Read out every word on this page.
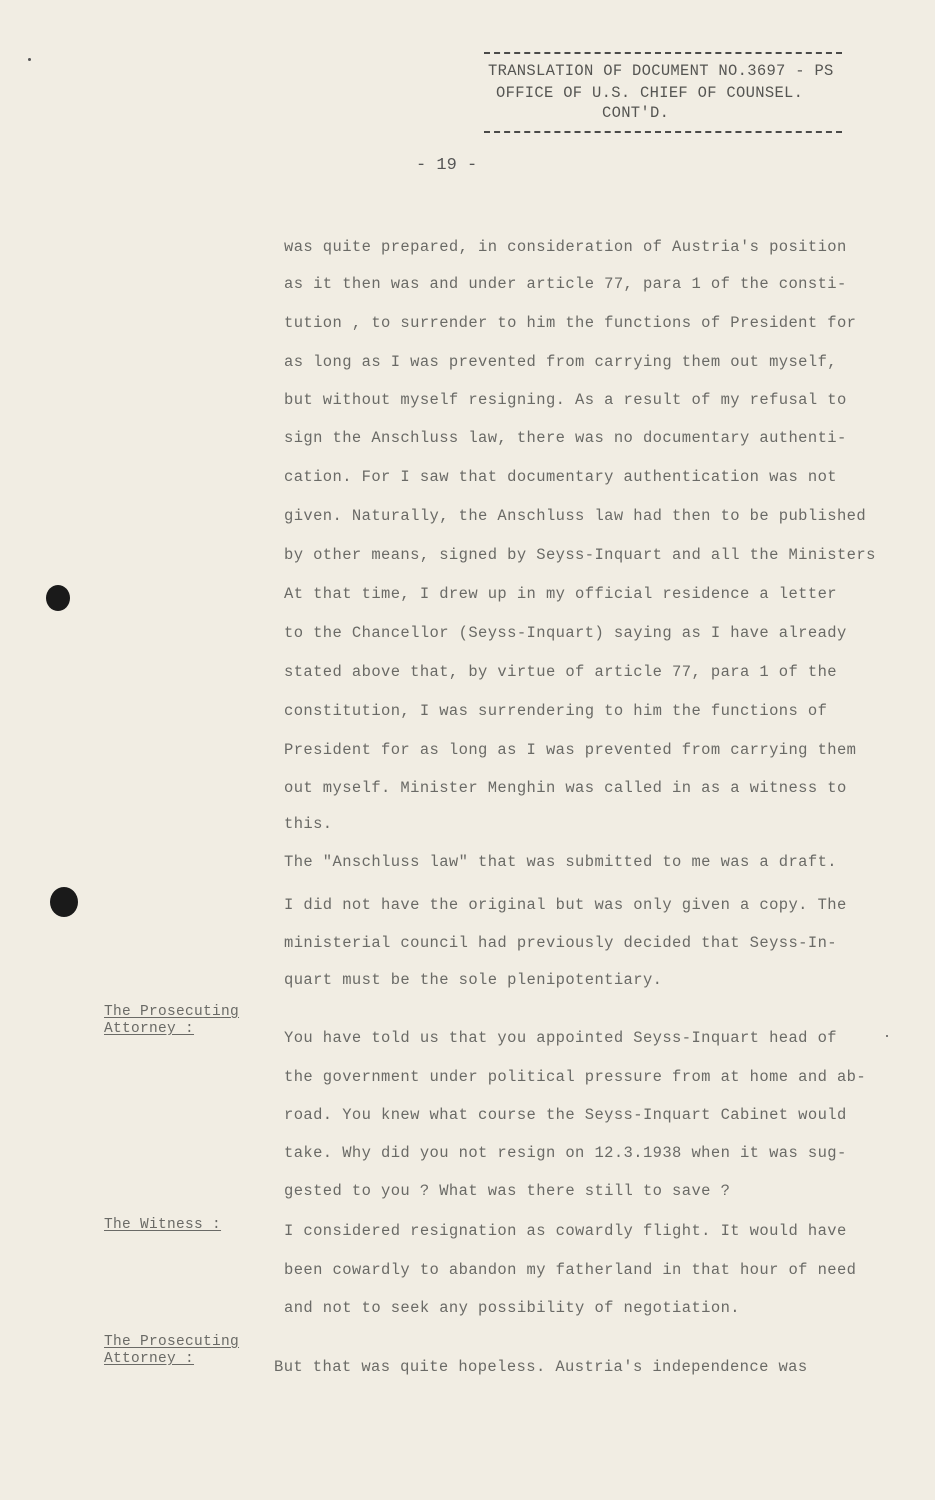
TRANSLATION OF DOCUMENT NO.3697 - PS
OFFICE OF U.S. CHIEF OF COUNSEL.
CONT'D.
- 19 -
was quite prepared, in consideration of Austria's position
as it then was and under article 77, para 1 of the consti-
tution , to surrender to him the functions of President for
as long as I was prevented from carrying them out myself,
but without myself resigning. As a result of my refusal to
sign the Anschluss law, there was no documentary authenti-
cation. For I saw that documentary authentication was not
given. Naturally, the Anschluss law had then to be published
by other means, signed by Seyss-Inquart and all the Ministers
At that time, I drew up in my official residence a letter
to the Chancellor (Seyss-Inquart) saying as I have already
stated above that, by virtue of article 77, para 1 of the
constitution, I was surrendering to him the functions of
President for as long as I was prevented from carrying them
out myself. Minister Menghin was called in as a witness to
this.
The "Anschluss law" that was submitted to me was a draft.
I did not have the original but was only given a copy. The
ministerial council had previously decided that Seyss-In-
quart must be the sole plenipotentiary.
You have told us that you appointed Seyss-Inquart head of
the government under political pressure from at home and ab-
road. You knew what course the Seyss-Inquart Cabinet would
take. Why did you not resign on 12.3.1938 when it was sug-
gested to you ? What was there still to save ?
I considered resignation as cowardly flight. It would have
been cowardly to abandon my fatherland in that hour of need
and not to seek any possibility of negotiation.
But that was quite hopeless. Austria's independence was
The Prosecuting
Attorney :
The Witness :
The Prosecuting
Attorney :
